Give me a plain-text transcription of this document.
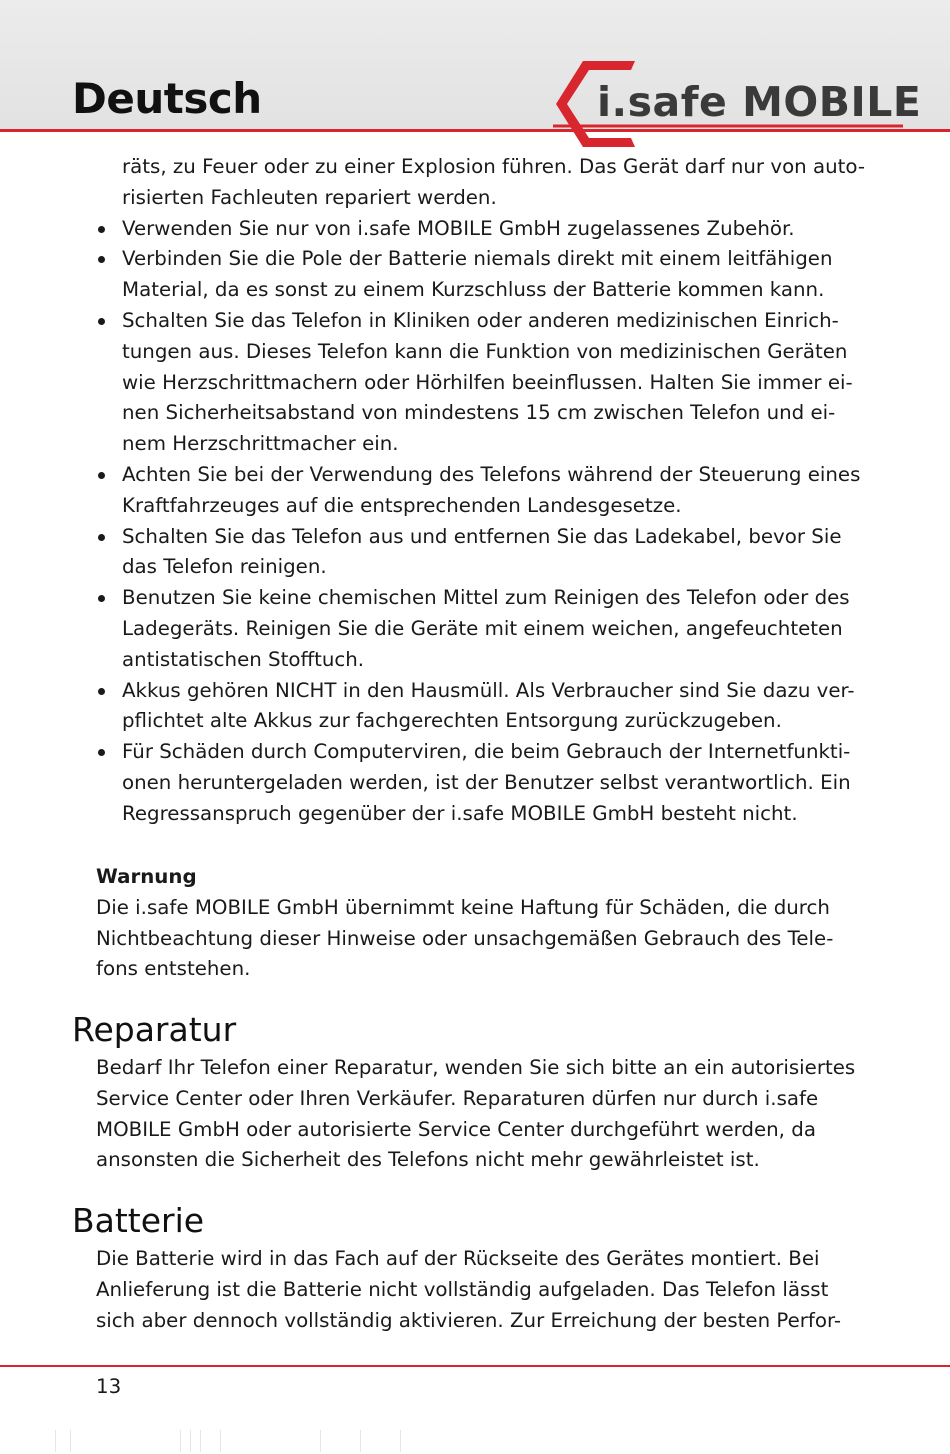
Deutsch	i.safe MOBILE
räts, zu Feuer oder zu einer Explosion führen. Das Gerät darf nur von auto-
risierten Fachleuten repariert werden.
Verwenden Sie nur von i.safe MOBILE GmbH zugelassenes Zubehör.
Verbinden Sie die Pole der Batterie niemals direkt mit einem leitfähigen
Material, da es sonst zu einem Kurzschluss der Batterie kommen kann.
Schalten Sie das Telefon in Kliniken oder anderen medizinischen Einrich-
tungen aus. Dieses Telefon kann die Funktion von medizinischen Geräten
wie Herzschrittmachern oder Hörhilfen beeinflussen. Halten Sie immer ei-
nen Sicherheitsabstand von mindestens 15 cm zwischen Telefon und ei-
nem Herzschrittmacher ein.
Achten Sie bei der Verwendung des Telefons während der Steuerung eines
Kraftfahrzeuges auf die entsprechenden Landesgesetze.
Schalten Sie das Telefon aus und entfernen Sie das Ladekabel, bevor Sie
das Telefon reinigen.
Benutzen Sie keine chemischen Mittel zum Reinigen des Telefon oder des
Ladegeräts. Reinigen Sie die Geräte mit einem weichen, angefeuchteten
antistatischen Stofftuch.
Akkus gehören NICHT in den Hausmüll. Als Verbraucher sind Sie dazu ver-
pflichtet alte Akkus zur fachgerechten Entsorgung zurückzugeben.
Für Schäden durch Computerviren, die beim Gebrauch der Internetfunkti-
onen heruntergeladen werden, ist der Benutzer selbst verantwortlich. Ein
Regressanspruch gegenüber der i.safe MOBILE GmbH besteht nicht.
Warnung
Die i.safe MOBILE GmbH übernimmt keine Haftung für Schäden, die durch
Nichtbeachtung dieser Hinweise oder unsachgemäßen Gebrauch des Tele-
fons entstehen.
Reparatur
Bedarf Ihr Telefon einer Reparatur, wenden Sie sich bitte an ein autorisiertes
Service Center oder Ihren Verkäufer. Reparaturen dürfen nur durch i.safe
MOBILE GmbH oder autorisierte Service Center durchgeführt werden, da
ansonsten die Sicherheit des Telefons nicht mehr gewährleistet ist.
Batterie
Die Batterie wird in das Fach auf der Rückseite des Gerätes montiert. Bei
Anlieferung ist die Batterie nicht vollständig aufgeladen. Das Telefon lässt
sich aber dennoch vollständig aktivieren. Zur Erreichung der besten Perfor-
13
